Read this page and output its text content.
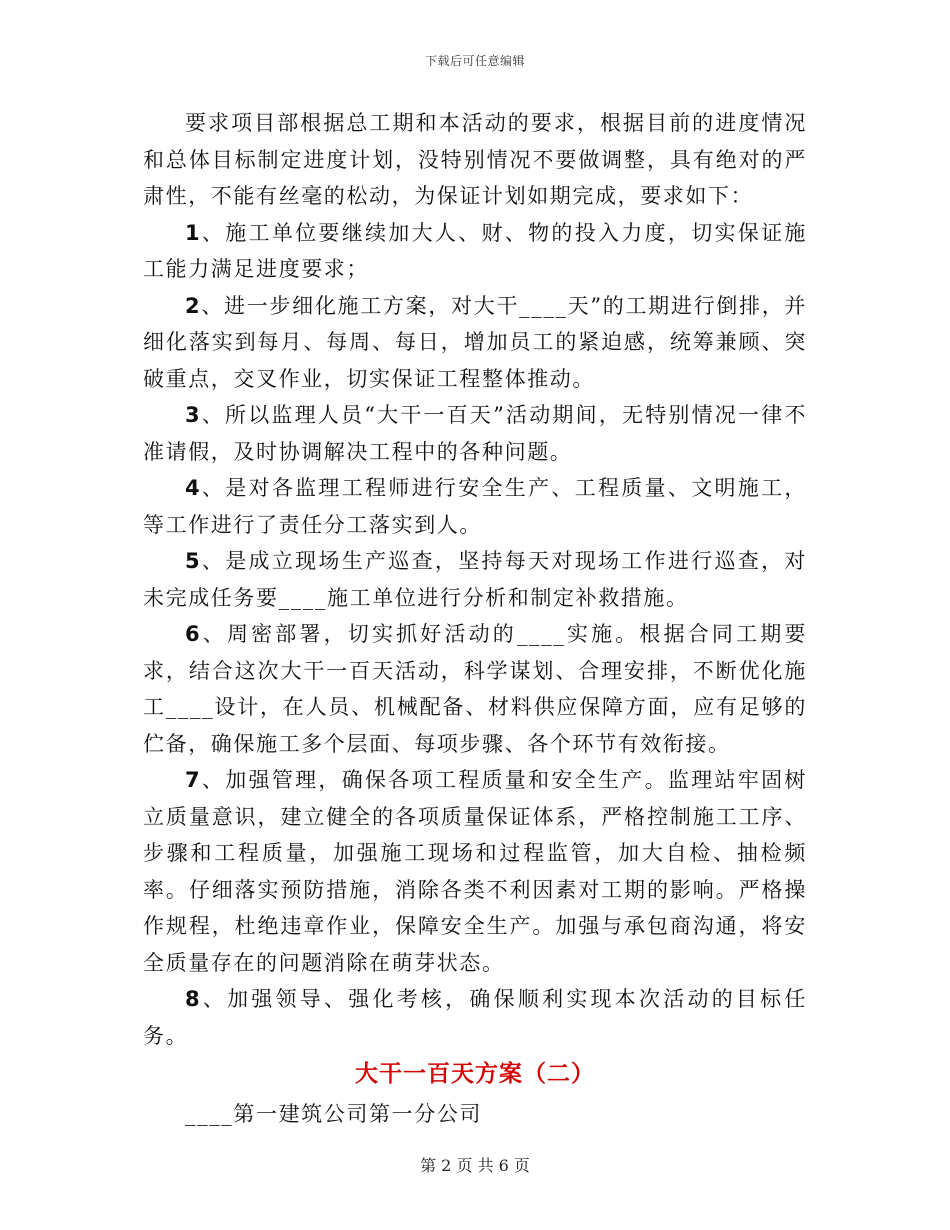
下载后可任意编辑

要求项目部根据总工期和本活动的要求，根据目前的进度情况和总体目标制定进度计划，没特别情况不要做调整，具有绝对的严肃性，不能有丝毫的松动，为保证计划如期完成，要求如下：

1、施工单位要继续加大人、财、物的投入力度，切实保证施工能力满足进度要求；

2、进一步细化施工方案，对大干____天”的工期进行倒排，并细化落实到每月、每周、每日，增加员工的紧迫感，统筹兼顾、突破重点，交叉作业，切实保证工程整体推动。

3、所以监理人员“大干一百天”活动期间，无特别情况一律不准请假，及时协调解决工程中的各种问题。

4、是对各监理工程师进行安全生产、工程质量、文明施工，等工作进行了责任分工落实到人。

5、是成立现场生产巡查，坚持每天对现场工作进行巡查，对未完成任务要____施工单位进行分析和制定补救措施。

6、周密部署，切实抓好活动的____实施。根据合同工期要求，结合这次大干一百天活动，科学谋划、合理安排，不断优化施工____设计，在人员、机械配备、材料供应保障方面，应有足够的伫备，确保施工多个层面、每项步骤、各个环节有效衔接。

7、加强管理，确保各项工程质量和安全生产。监理站牢固树立质量意识，建立健全的各项质量保证体系，严格控制施工工序、步骤和工程质量，加强施工现场和过程监管，加大自检、抽检频率。仔细落实预防措施，消除各类不利因素对工期的影响。严格操作规程，杜绝违章作业，保障安全生产。加强与承包商沟通，将安全质量存在的问题消除在萌芽状态。

8、加强领导、强化考核，确保顺利实现本次活动的目标任务。

大干一百天方案（二）

____第一建筑公司第一分公司

第 2 页 共 6 页
